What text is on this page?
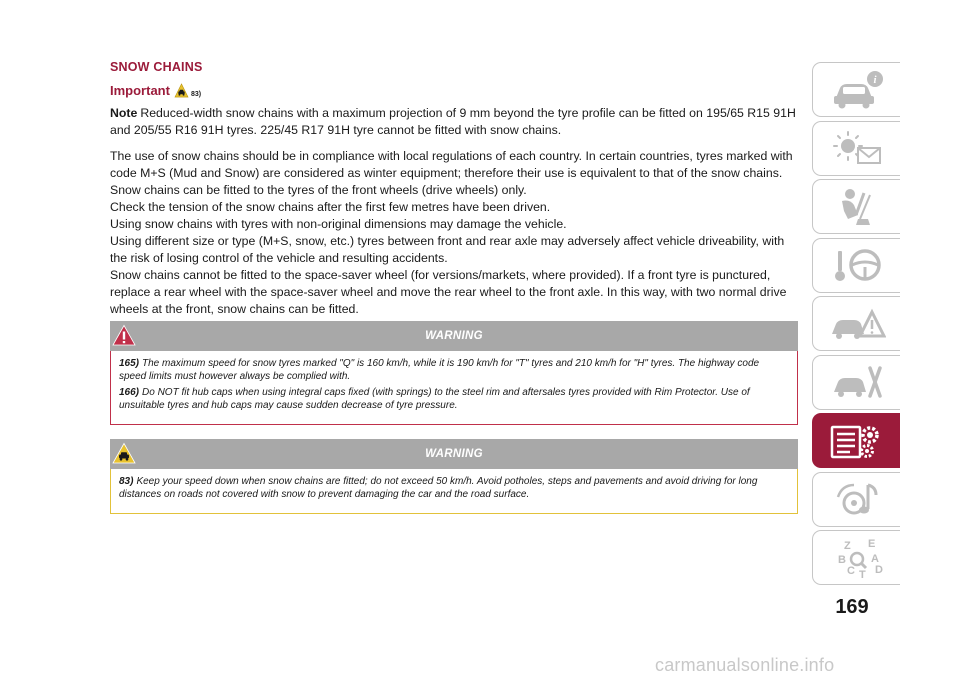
SNOW CHAINS
Important	83)

Note Reduced-width snow chains with a maximum projection of 9 mm beyond the tyre profile can be fitted on 195/65 R15 91H and 205/55 R16 91H tyres. 225/45 R17 91H tyre cannot be fitted with snow chains.

The use of snow chains should be in compliance with local regulations of each country. In certain countries, tyres marked with code M+S (Mud and Snow) are considered as winter equipment; therefore their use is equivalent to that of the snow chains.
Snow chains can be fitted to the tyres of the front wheels (drive wheels) only.
Check the tension of the snow chains after the first few metres have been driven.
Using snow chains with tyres with non-original dimensions may damage the vehicle.
Using different size or type (M+S, snow, etc.) tyres between front and rear axle may adversely affect vehicle driveability, with the risk of losing control of the vehicle and resulting accidents.
Snow chains cannot be fitted to the space-saver wheel (for versions/markets, where provided). If a front tyre is punctured, replace a rear wheel with the space-saver wheel and move the rear wheel to the front axle. In this way, with two normal drive wheels at the front, snow chains can be fitted.
WARNING
165) The maximum speed for snow tyres marked "Q" is 160 km/h, while it is 190 km/h for "T" tyres and 210 km/h for "H" tyres. The highway code speed limits must however always be complied with.
166) Do NOT fit hub caps when using integral caps fixed (with springs) to the steel rim and aftersales tyres provided with Rim Protector. Use of unsuitable tyres and hub caps may cause sudden decrease of tyre pressure.
WARNING
83) Keep your speed down when snow chains are fitted; do not exceed 50 km/h. Avoid potholes, steps and pavements and avoid driving for long distances on roads not covered with snow to prevent damaging the car and the road surface.
i
Z E
B A
C D
T
169
carmanualsonline.info
